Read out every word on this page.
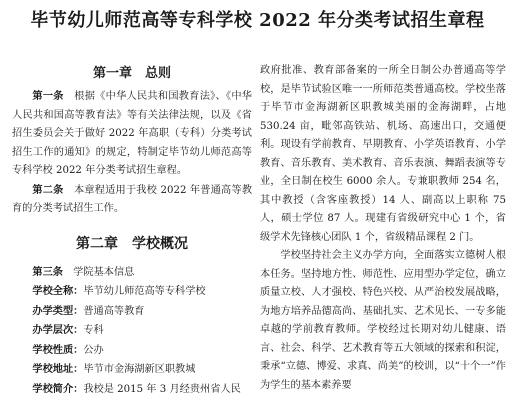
毕节幼儿师范高等专科学校 2022 年分类考试招生章程
第一章　总则

第一条　 根据《中华人民共和国教育法》、《中华人民共和国高等教育法》等有关法律法规，以及《省招生委员会关于做好 2022 年高职（专科）分类考试招生工作的通知》的规定，特制定毕节幼儿师范高等专科学校 2022 年分类考试招生章程。

第二条　 本章程适用于我校 2022 年普通高等教育的分类考试招生工作。

第二章　学校概况

第三条　 学院基本信息

学校全称：毕节幼儿师范高等专科学校
办学类型：普通高等教育
办学层次：专科
学校性质：公办
学校地址：毕节市金海湖新区职教城
学校简介：我校是 2015 年 3 月经贵州省人民

政府批准、教育部备案的一所全日制公办普通高等学校，是毕节试验区唯一一所师范类普通高校。学校坐落于毕节市金海湖新区职教城美丽的金海湖畔，占地 530.24 亩，毗邻高铁站、机场、高速出口，交通便利。现设有学前教育、早期教育、小学英语教育、小学教育、音乐教育、美术教育、音乐表演、舞蹈表演等专业，全日制在校生 6000 余人。专兼职教师 254 名，其中教授（含客座教授）14 人、副高以上职称 75 人，硕士学位 87 人。现建有省级研究中心 1 个，省级学术先锋核心团队 1 个，省级精品课程 2 门。

学校坚持社会主义办学方向，全面落实立德树人根本任务。坚持地方性、师范性、应用型办学定位，确立质量立校、人才强校、特色兴校、从严治校发展战略，为地方培养品德高尚、基础扎实、艺术见长、一专多能卓越的学前教育教师。学校经过长期对幼儿健康、语言、社会、科学、艺术教育等五大领域的探索和积淀，秉承“立德、博爱、求真、尚美”的校训，以“十个一”作为学生的基本素养要
